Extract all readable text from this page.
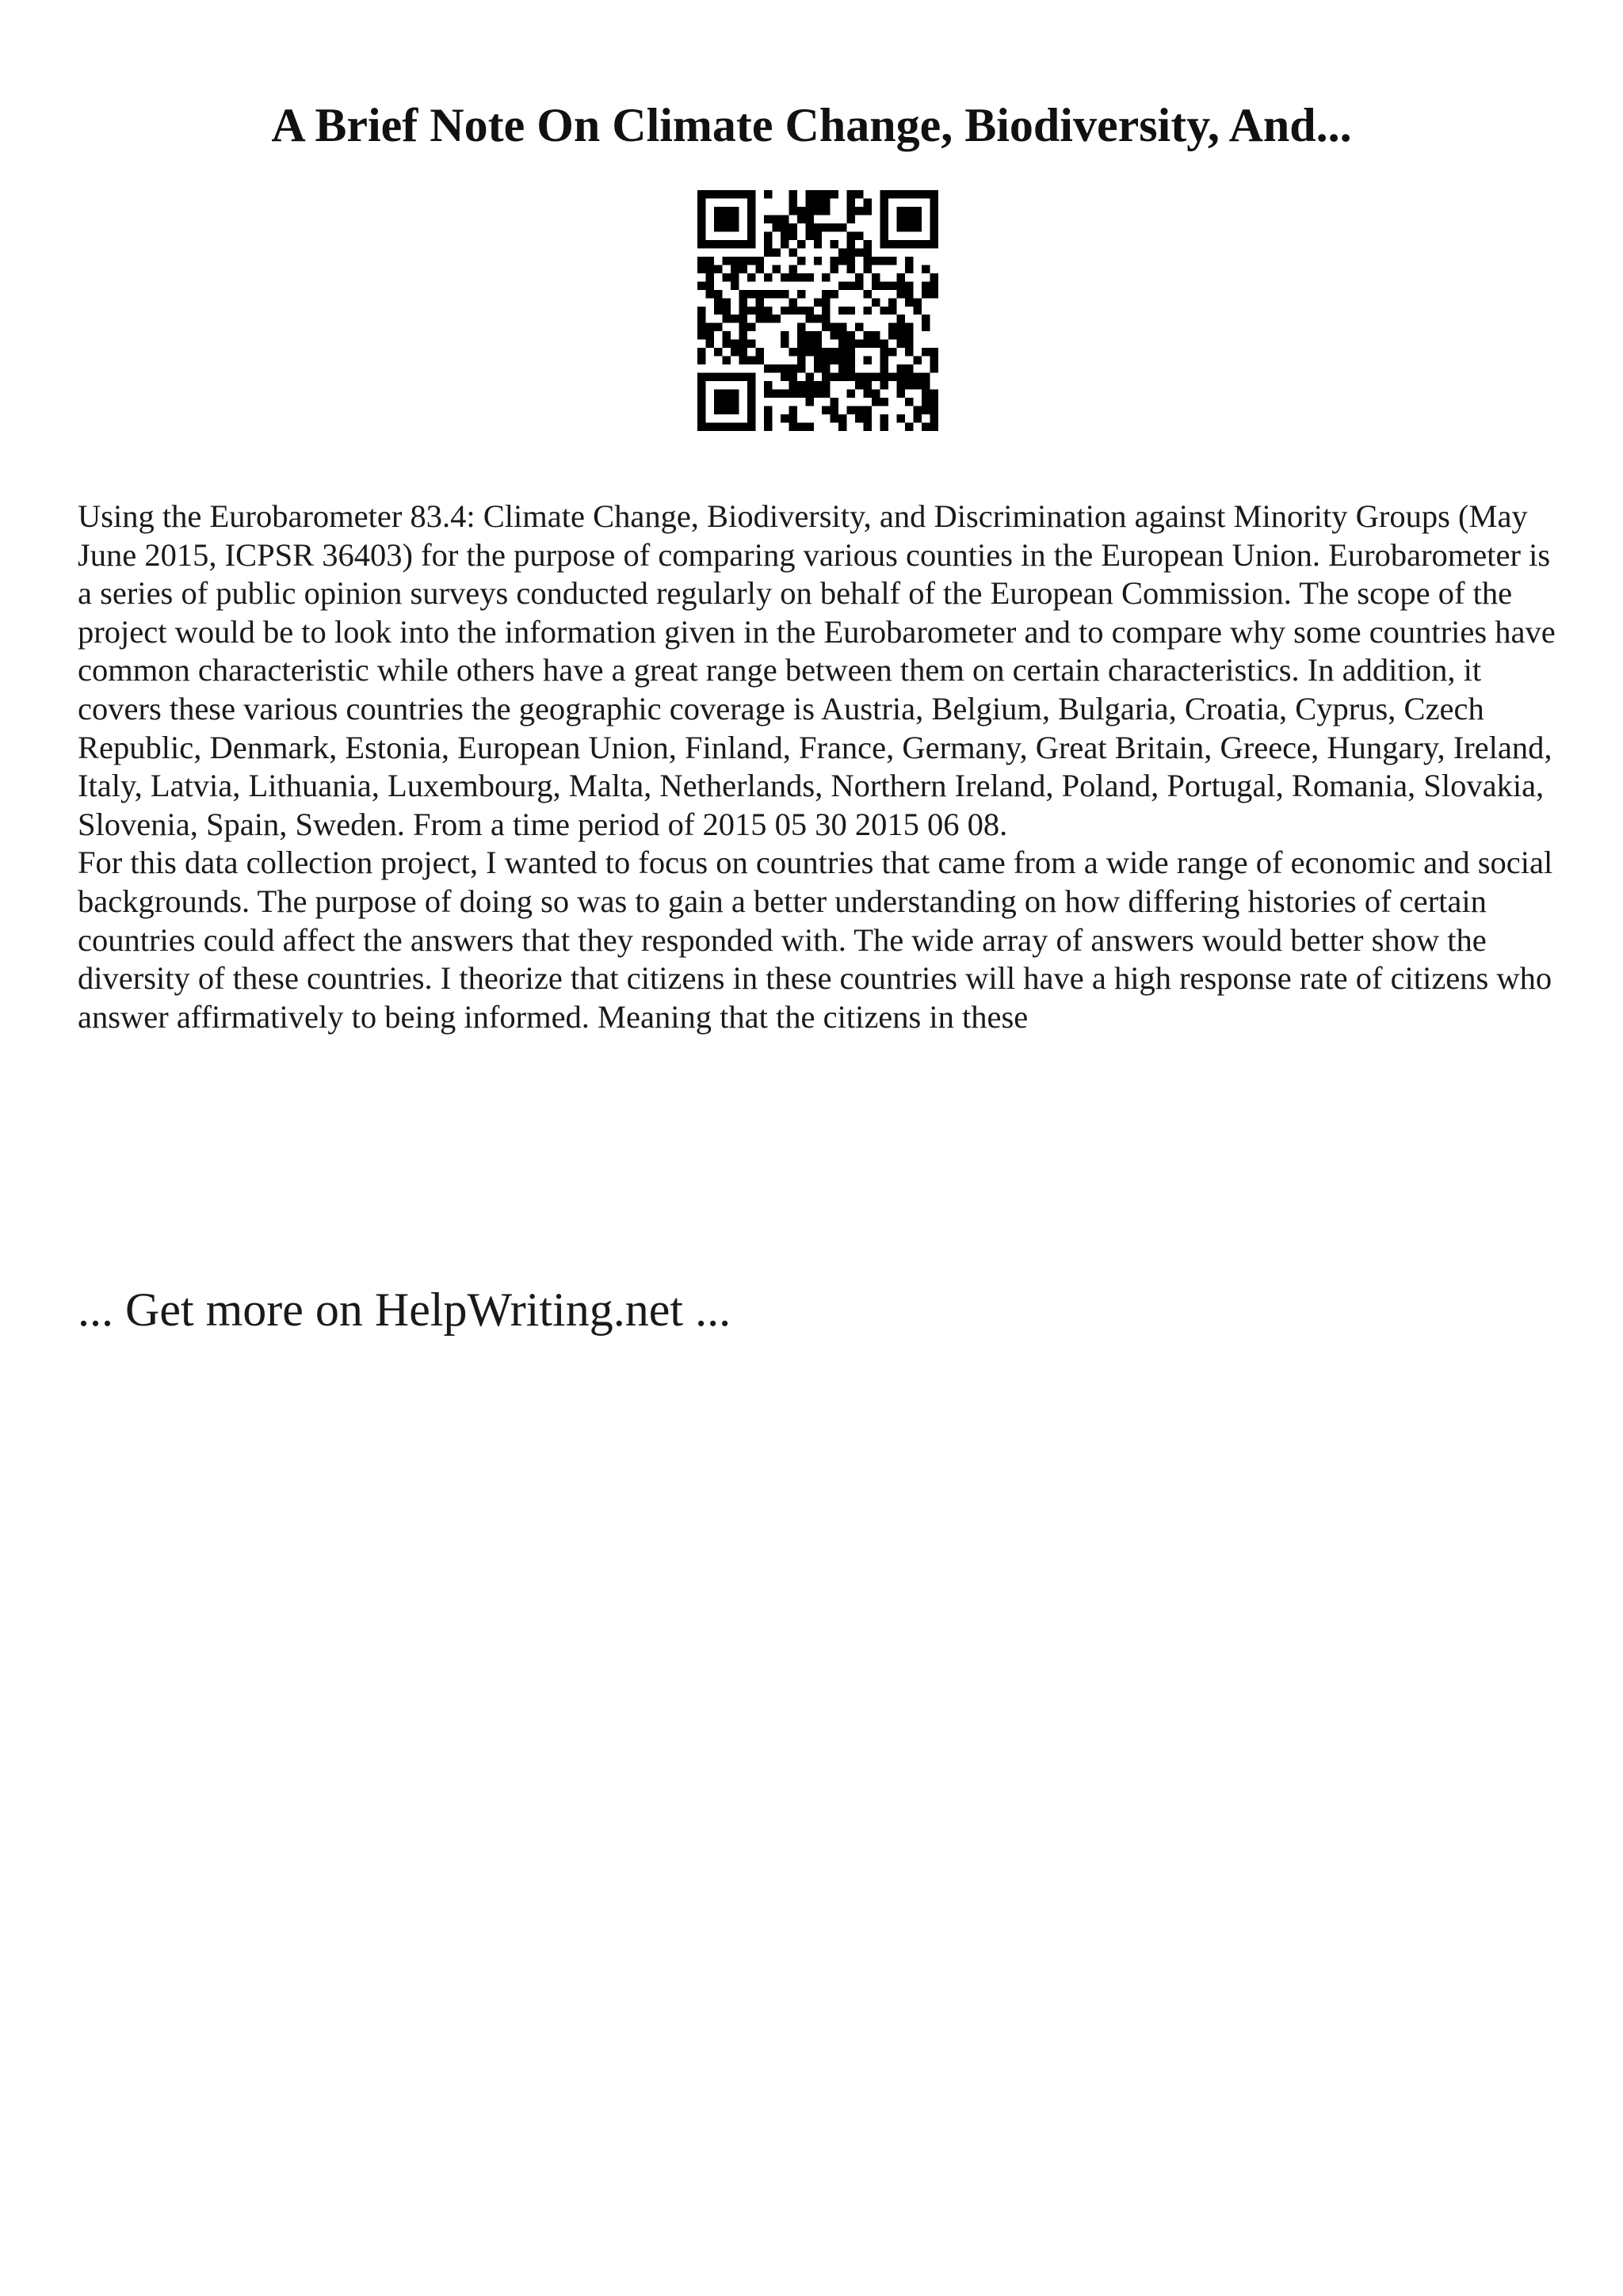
A Brief Note On Climate Change, Biodiversity, And...

Using the Eurobarometer 83.4: Climate Change, Biodiversity, and Discrimination against Minority Groups (May June 2015, ICPSR 36403) for the purpose of comparing various counties in the European Union. Eurobarometer is a series of public opinion surveys conducted regularly on behalf of the European Commission. The scope of the project would be to look into the information given in the Eurobarometer and to compare why some countries have common characteristic while others have a great range between them on certain characteristics. In addition, it covers these various countries the geographic coverage is Austria, Belgium, Bulgaria, Croatia, Cyprus, Czech Republic, Denmark, Estonia, European Union, Finland, France, Germany, Great Britain, Greece, Hungary, Ireland, Italy, Latvia, Lithuania, Luxembourg, Malta, Netherlands, Northern Ireland, Poland, Portugal, Romania, Slovakia, Slovenia, Spain, Sweden. From a time period of 2015 05 30 2015 06 08.

For this data collection project, I wanted to focus on countries that came from a wide range of economic and social backgrounds. The purpose of doing so was to gain a better understanding on how differing histories of certain countries could affect the answers that they responded with. The wide array of answers would better show the diversity of these countries. I theorize that citizens in these countries will have a high response rate of citizens who answer affirmatively to being informed. Meaning that the citizens in these

... Get more on HelpWriting.net ...
